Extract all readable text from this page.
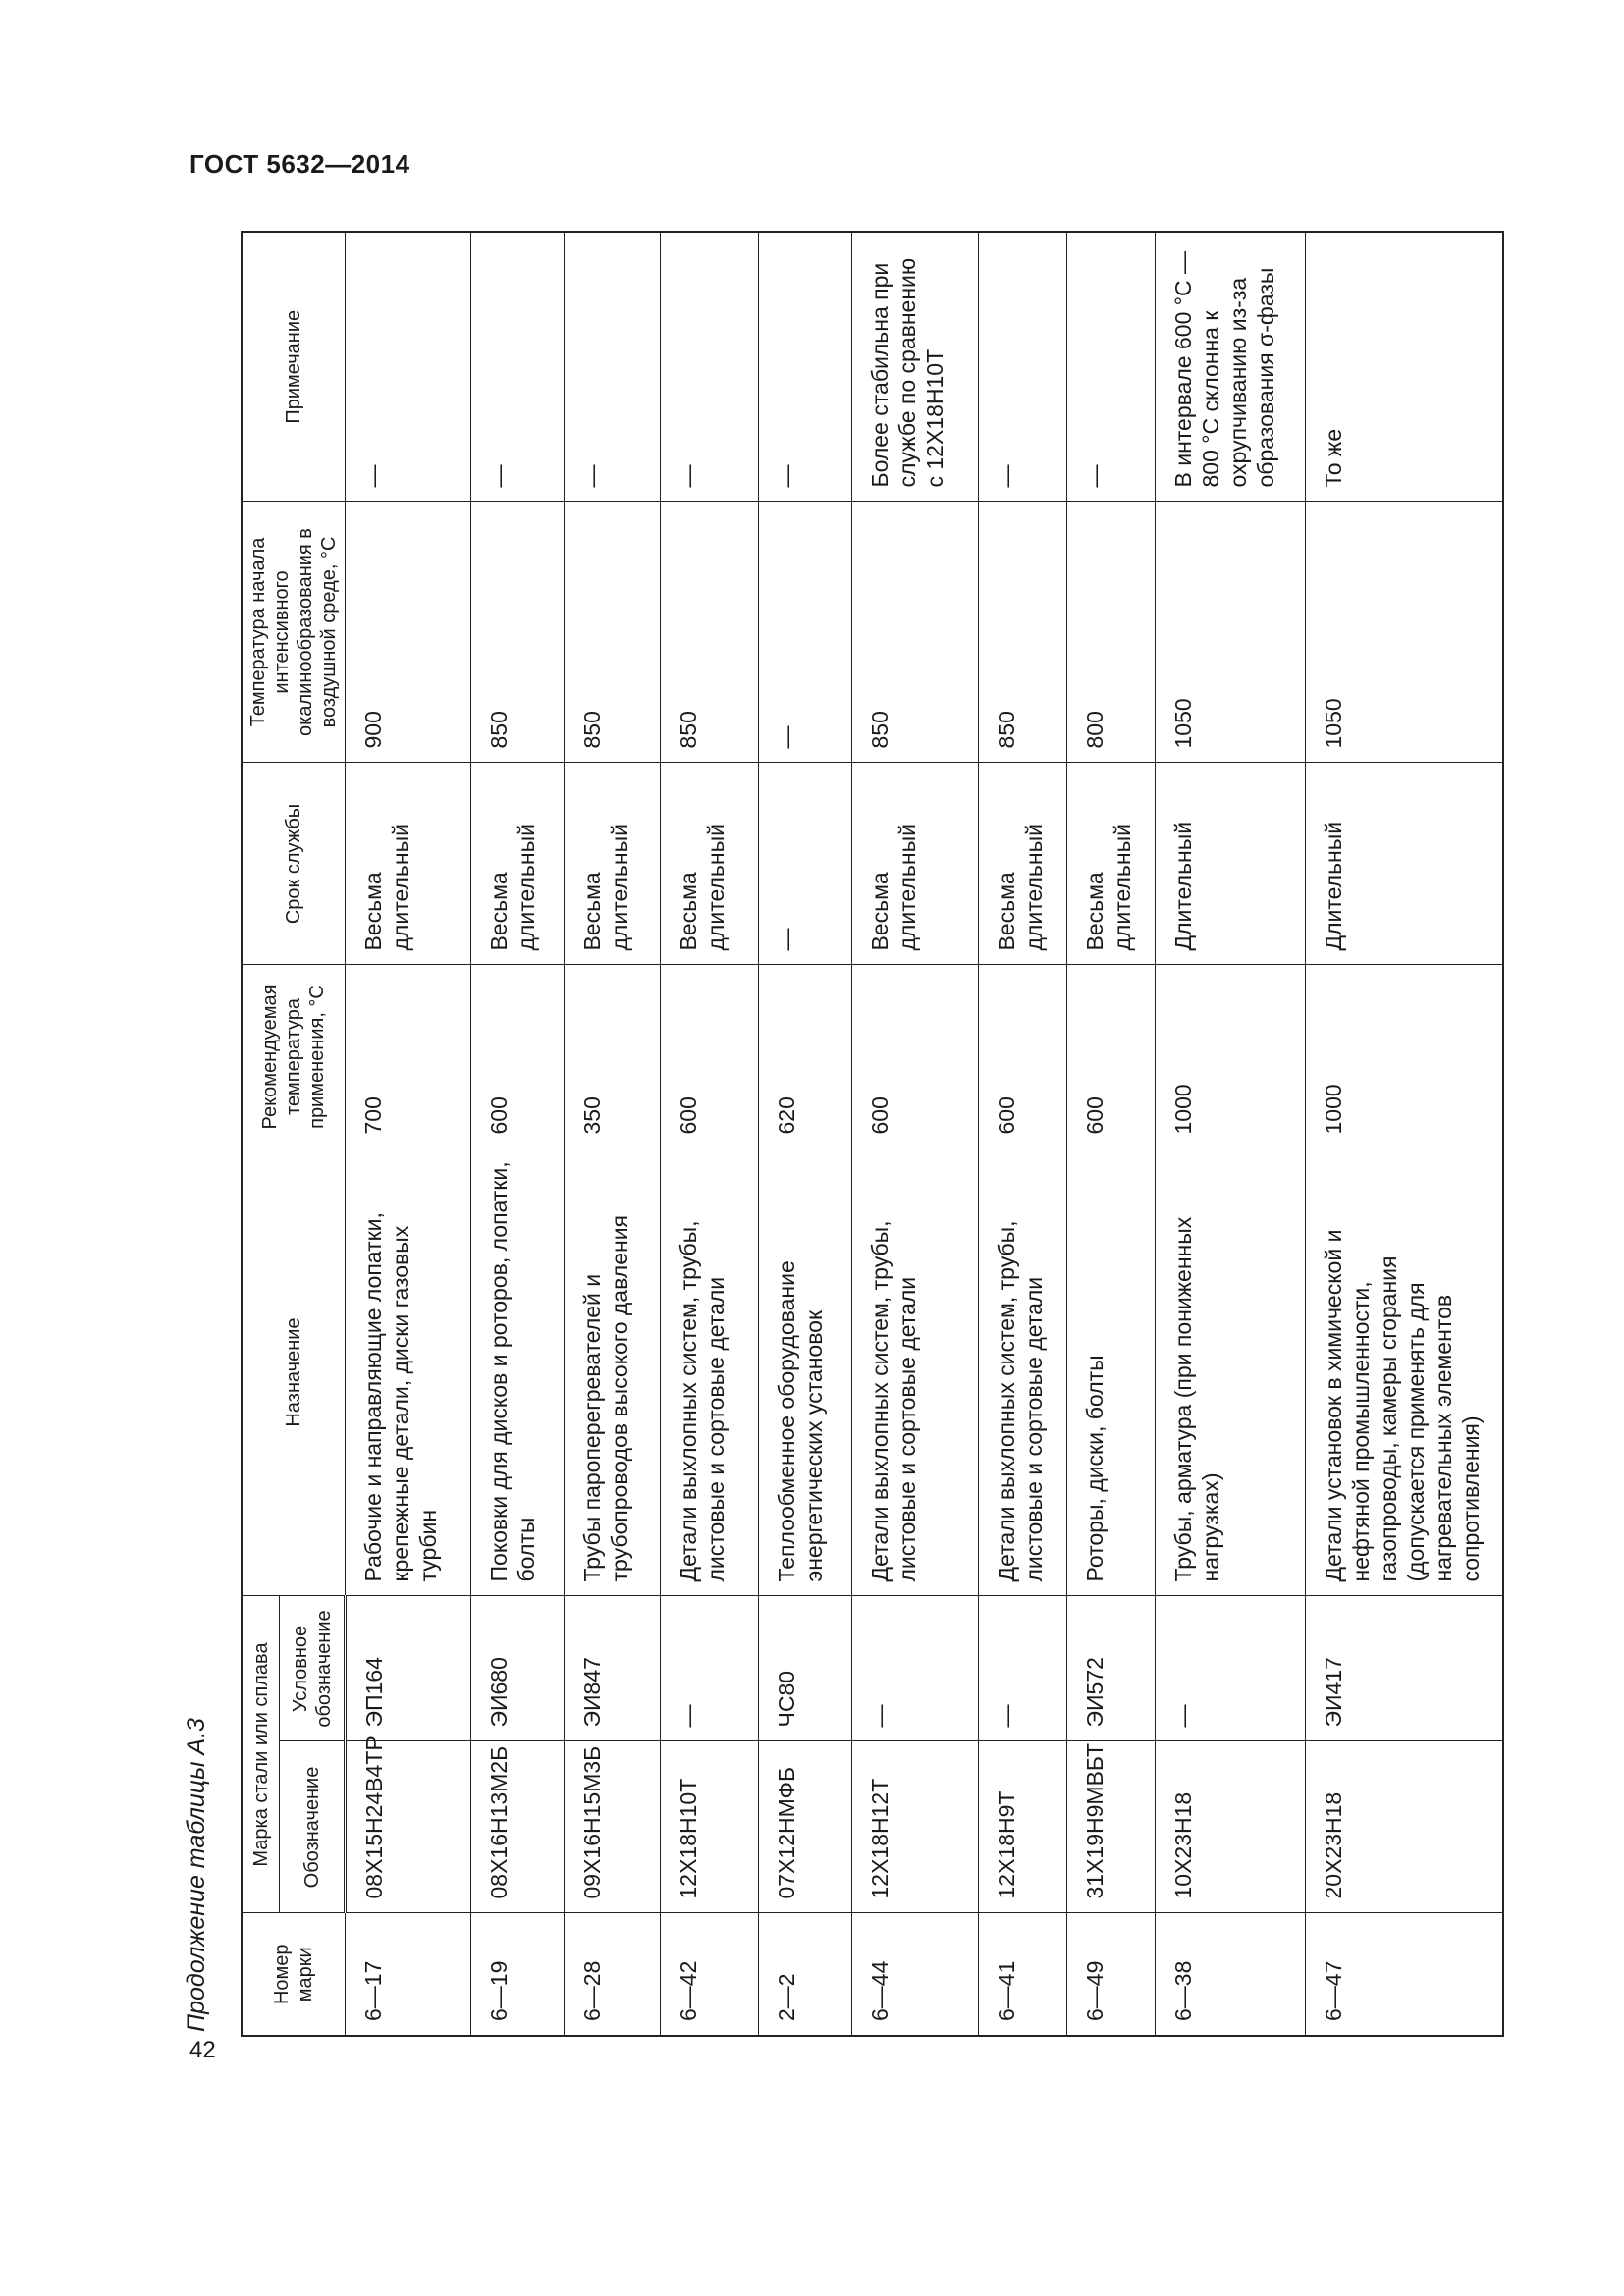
ГОСТ 5632—2014
Продолжение таблицы А.3
42
Номер марки	Марка стали или сплава		Назначение	Рекомендуемая температура применения, °С	Срок службы	Температура начала интенсивного окалинообразования в воздушной среде, °С	Примечание
	Обозначение	Условное обозначение					
6—17	08Х15Н24В4ТР	ЭП164	Рабочие и направляющие лопатки, крепежные детали, диски газовых турбин	700	Весьма длительный	900	—
6—19	08Х16Н13М2Б	ЭИ680	Поковки для дисков и роторов, лопатки, болты	600	Весьма длительный	850	—
6—28	09Х16Н15М3Б	ЭИ847	Трубы пароперегревателей и трубопроводов высокого давления	350	Весьма длительный	850	—
6—42	12Х18Н10Т	—	Детали выхлопных систем, трубы, листовые и сортовые детали	600	Весьма длительный	850	—
2—2	07Х12НМФБ	ЧС80	Теплообменное оборудование энергетических установок	620	—	—	—
6—44	12Х18Н12Т	—	Детали выхлопных систем, трубы, листовые и сортовые детали	600	Весьма длительный	850	Более стабильна при службе по сравнению с 12Х18Н10Т
6—41	12Х18Н9Т	—	Детали выхлопных систем, трубы, листовые и сортовые детали	600	Весьма длительный	850	—
6—49	31Х19Н9МВБТ	ЭИ572	Роторы, диски, болты	600	Весьма длительный	800	—
6—38	10Х23Н18	—	Трубы, арматура (при пониженных нагрузках)	1000	Длительный	1050	В интервале 600 °С — 800 °С склонна к охрупчиванию из-за образования σ-фазы
6—47	20Х23Н18	ЭИ417	Детали установок в химической и нефтяной промышленности, газопроводы, камеры сгорания (допускается применять для нагревательных элементов сопротивления)	1000	Длительный	1050	То же
